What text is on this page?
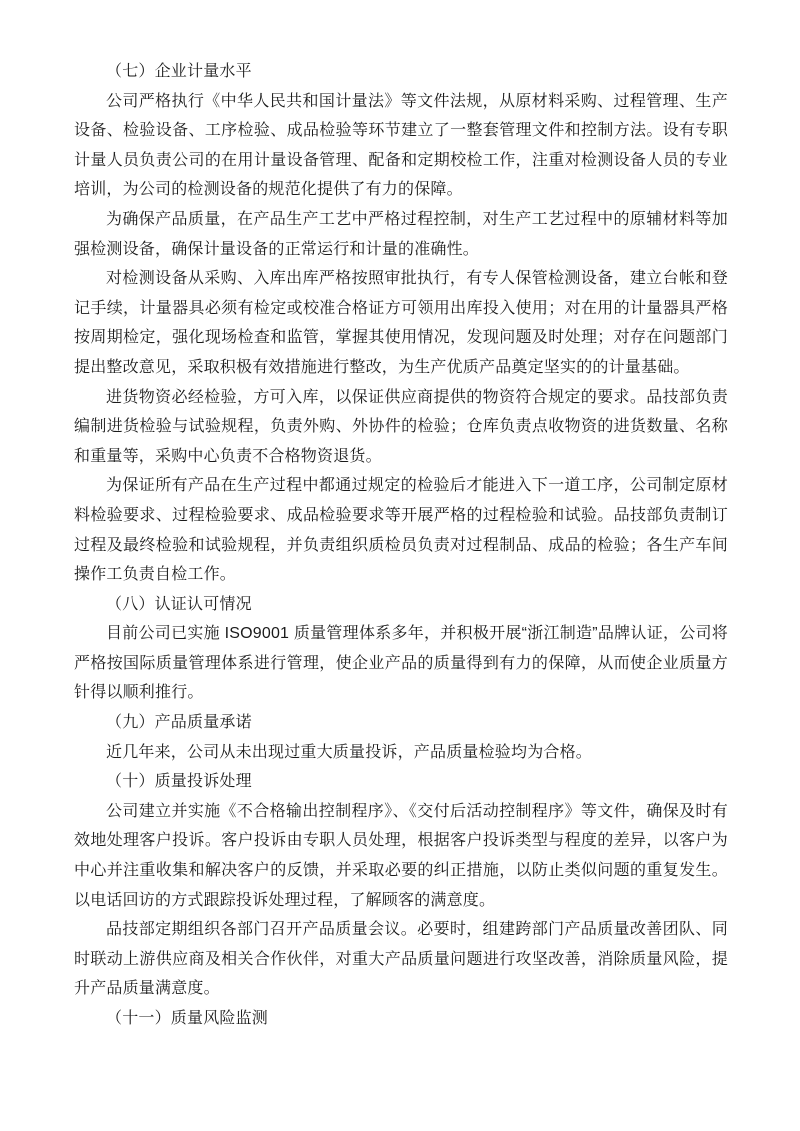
（七）企业计量水平

公司严格执行《中华人民共和国计量法》等文件法规，从原材料采购、过程管理、生产设备、检验设备、工序检验、成品检验等环节建立了一整套管理文件和控制方法。设有专职计量人员负责公司的在用计量设备管理、配备和定期校检工作，注重对检测设备人员的专业培训，为公司的检测设备的规范化提供了有力的保障。

为确保产品质量，在产品生产工艺中严格过程控制，对生产工艺过程中的原辅材料等加强检测设备，确保计量设备的正常运行和计量的准确性。

对检测设备从采购、入库出库严格按照审批执行，有专人保管检测设备，建立台帐和登记手续，计量器具必须有检定或校准合格证方可领用出库投入使用；对在用的计量器具严格按周期检定，强化现场检查和监管，掌握其使用情况，发现问题及时处理；对存在问题部门提出整改意见，采取积极有效措施进行整改，为生产优质产品奠定坚实的的计量基础。

进货物资必经检验，方可入库，以保证供应商提供的物资符合规定的要求。品技部负责编制进货检验与试验规程，负责外购、外协件的检验；仓库负责点收物资的进货数量、名称和重量等，采购中心负责不合格物资退货。

为保证所有产品在生产过程中都通过规定的检验后才能进入下一道工序，公司制定原材料检验要求、过程检验要求、成品检验要求等开展严格的过程检验和试验。品技部负责制订过程及最终检验和试验规程，并负责组织质检员负责对过程制品、成品的检验；各生产车间操作工负责自检工作。

（八）认证认可情况

目前公司已实施 ISO9001 质量管理体系多年，并积极开展“浙江制造”品牌认证，公司将严格按国际质量管理体系进行管理，使企业产品的质量得到有力的保障，从而使企业质量方针得以顺利推行。

（九）产品质量承诺

近几年来，公司从未出现过重大质量投诉，产品质量检验均为合格。

（十）质量投诉处理

公司建立并实施《不合格输出控制程序》、《交付后活动控制程序》等文件，确保及时有效地处理客户投诉。客户投诉由专职人员处理，根据客户投诉类型与程度的差异，以客户为中心并注重收集和解决客户的反馈，并采取必要的纠正措施，以防止类似问题的重复发生。以电话回访的方式跟踪投诉处理过程，了解顾客的满意度。

品技部定期组织各部门召开产品质量会议。必要时，组建跨部门产品质量改善团队、同时联动上游供应商及相关合作伙伴，对重大产品质量问题进行攻坚改善，消除质量风险，提升产品质量满意度。

（十一）质量风险监测
